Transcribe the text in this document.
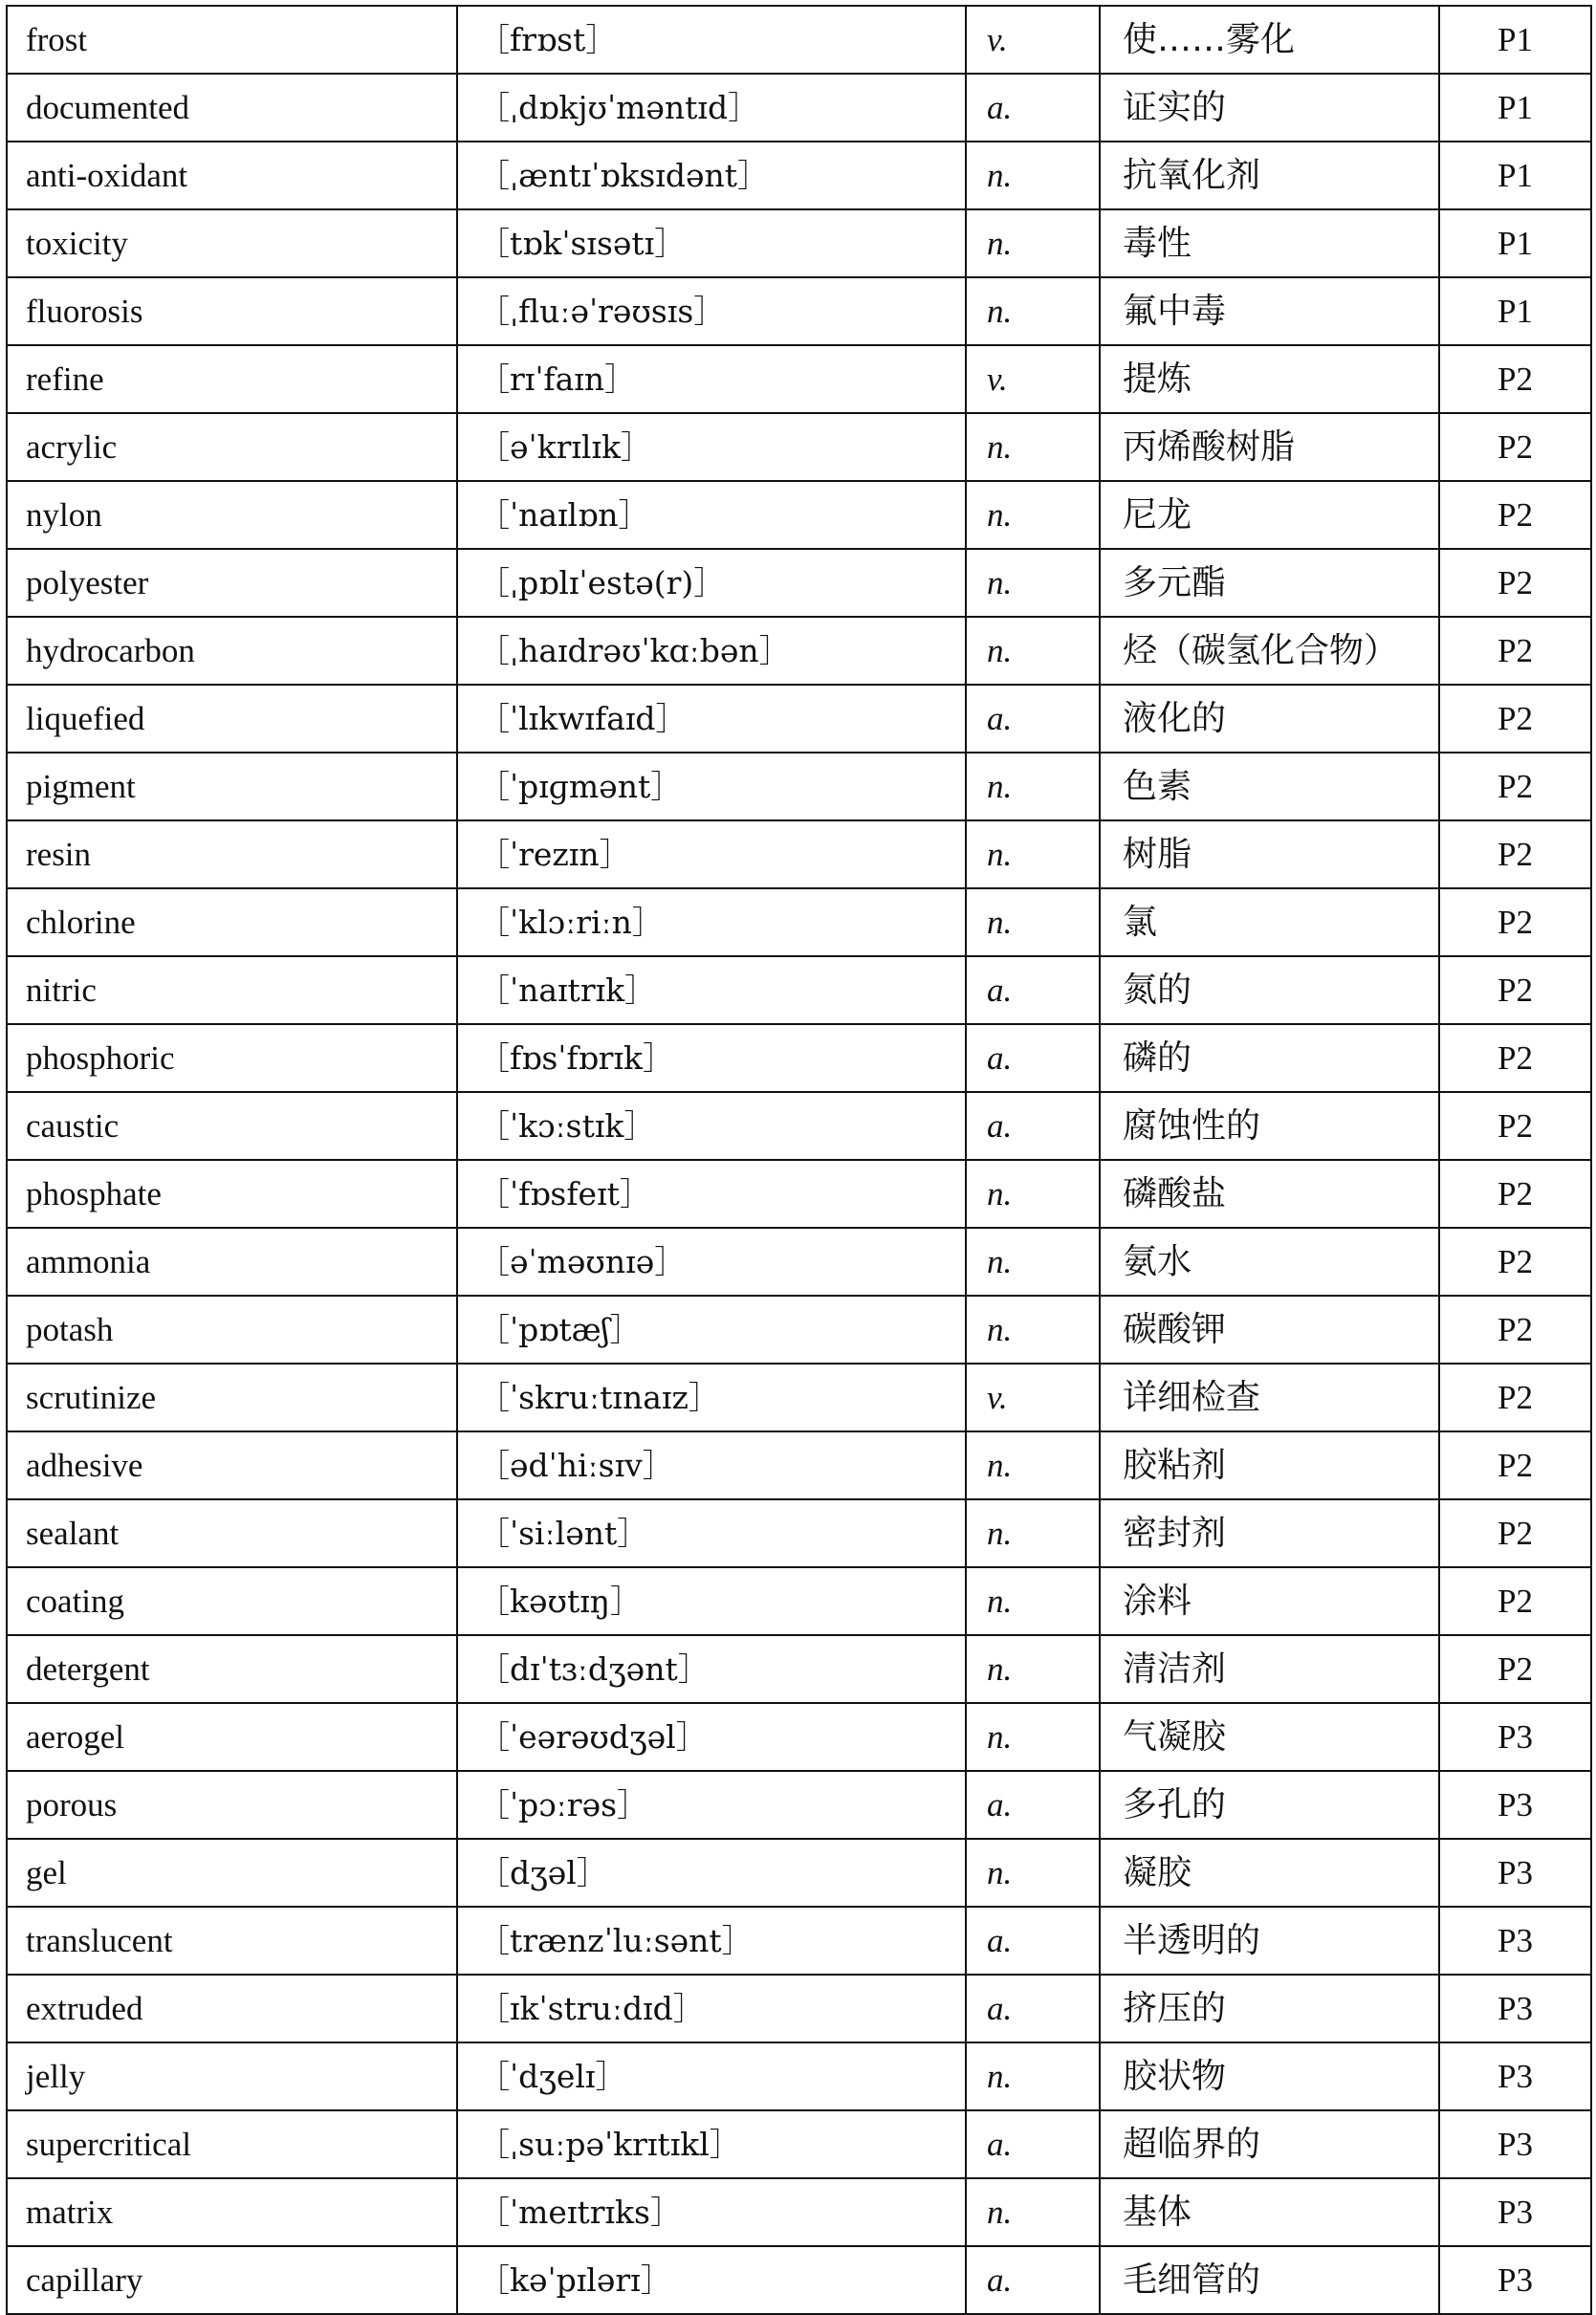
frost	［frɒst］	v.	使……雾化	P1
documented	［ˌdɒkjʊˈməntɪd］	a.	证实的	P1
anti-oxidant	［ˌæntɪˈɒksɪdənt］	n.	抗氧化剂	P1
toxicity	［tɒkˈsɪsətɪ］	n.	毒性	P1
fluorosis	［ˌfluːəˈrəʊsɪs］	n.	氟中毒	P1
refine	［rɪˈfaɪn］	v.	提炼	P2
acrylic	［əˈkrɪlɪk］	n.	丙烯酸树脂	P2
nylon	［ˈnaɪlɒn］	n.	尼龙	P2
polyester	［ˌpɒlɪˈestə(r)］	n.	多元酯	P2
hydrocarbon	［ˌhaɪdrəʊˈkɑːbən］	n.	烃（碳氢化合物）	P2
liquefied	［ˈlɪkwɪfaɪd］	a.	液化的	P2
pigment	［ˈpɪɡmənt］	n.	色素	P2
resin	［ˈrezɪn］	n.	树脂	P2
chlorine	［ˈklɔːriːn］	n.	氯	P2
nitric	［ˈnaɪtrɪk］	a.	氮的	P2
phosphoric	［fɒsˈfɒrɪk］	a.	磷的	P2
caustic	［ˈkɔːstɪk］	a.	腐蚀性的	P2
phosphate	［ˈfɒsfeɪt］	n.	磷酸盐	P2
ammonia	［əˈməʊnɪə］	n.	氨水	P2
potash	［ˈpɒtæʃ］	n.	碳酸钾	P2
scrutinize	［ˈskruːtɪnaɪz］	v.	详细检查	P2
adhesive	［ədˈhiːsɪv］	n.	胶粘剂	P2
sealant	［ˈsiːlənt］	n.	密封剂	P2
coating	［kəʊtɪŋ］	n.	涂料	P2
detergent	［dɪˈtɜːdʒənt］	n.	清洁剂	P2
aerogel	［ˈeərəʊdʒəl］	n.	气凝胶	P3
porous	［ˈpɔːrəs］	a.	多孔的	P3
gel	［dʒəl］	n.	凝胶	P3
translucent	［trænzˈluːsənt］	a.	半透明的	P3
extruded	［ɪkˈstruːdɪd］	a.	挤压的	P3
jelly	［ˈdʒelɪ］	n.	胶状物	P3
supercritical	［ˌsuːpəˈkrɪtɪkl］	a.	超临界的	P3
matrix	［ˈmeɪtrɪks］	n.	基体	P3
capillary	［kəˈpɪlərɪ］	a.	毛细管的	P3
